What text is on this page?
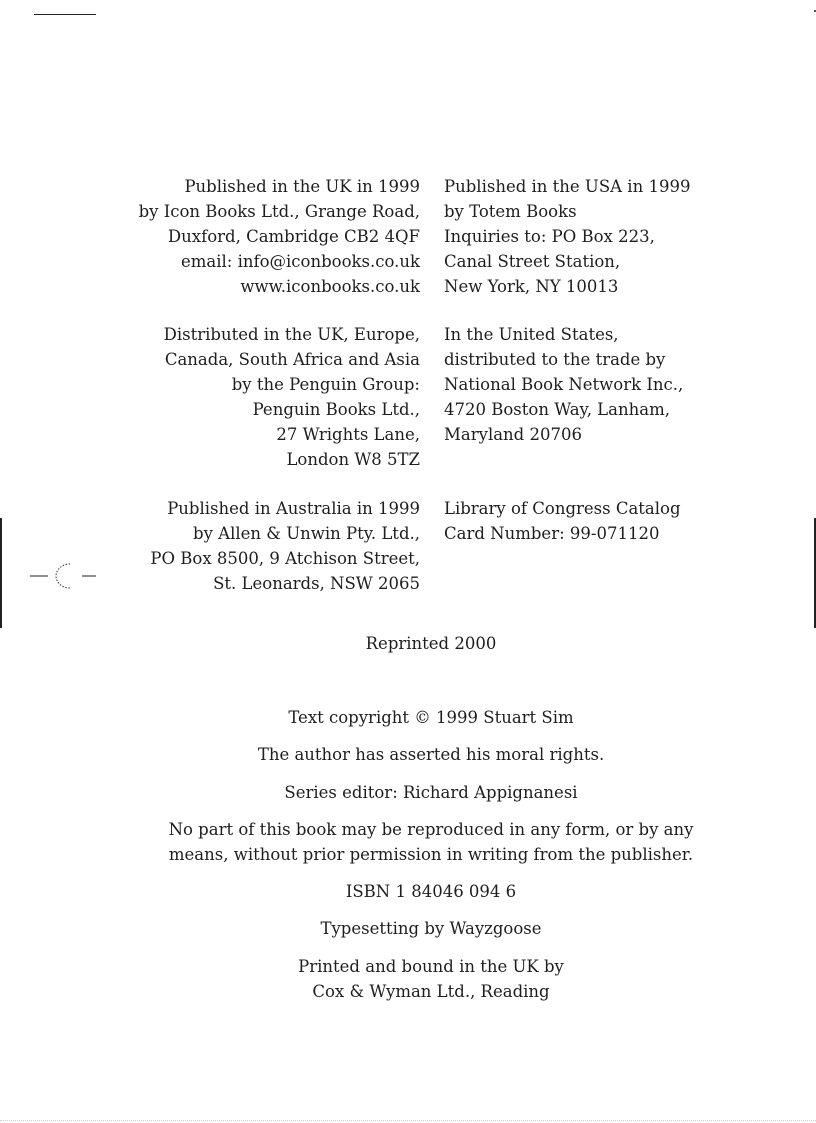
Published in the UK in 1999
by Icon Books Ltd., Grange Road,
Duxford, Cambridge CB2 4QF
email: info@iconbooks.co.uk
www.iconbooks.co.uk
Published in the USA in 1999
by Totem Books
Inquiries to: PO Box 223,
Canal Street Station,
New York, NY 10013
Distributed in the UK, Europe,
Canada, South Africa and Asia
by the Penguin Group:
Penguin Books Ltd.,
27 Wrights Lane,
London W8 5TZ
In the United States,
distributed to the trade by
National Book Network Inc.,
4720 Boston Way, Lanham,
Maryland 20706
Published in Australia in 1999
by Allen & Unwin Pty. Ltd.,
PO Box 8500, 9 Atchison Street,
St. Leonards, NSW 2065
Library of Congress Catalog
Card Number: 99-071120
Reprinted 2000
Text copyright © 1999 Stuart Sim
The author has asserted his moral rights.
Series editor: Richard Appignanesi
No part of this book may be reproduced in any form, or by any
means, without prior permission in writing from the publisher.
ISBN 1 84046 094 6
Typesetting by Wayzgoose
Printed and bound in the UK by
Cox & Wyman Ltd., Reading
